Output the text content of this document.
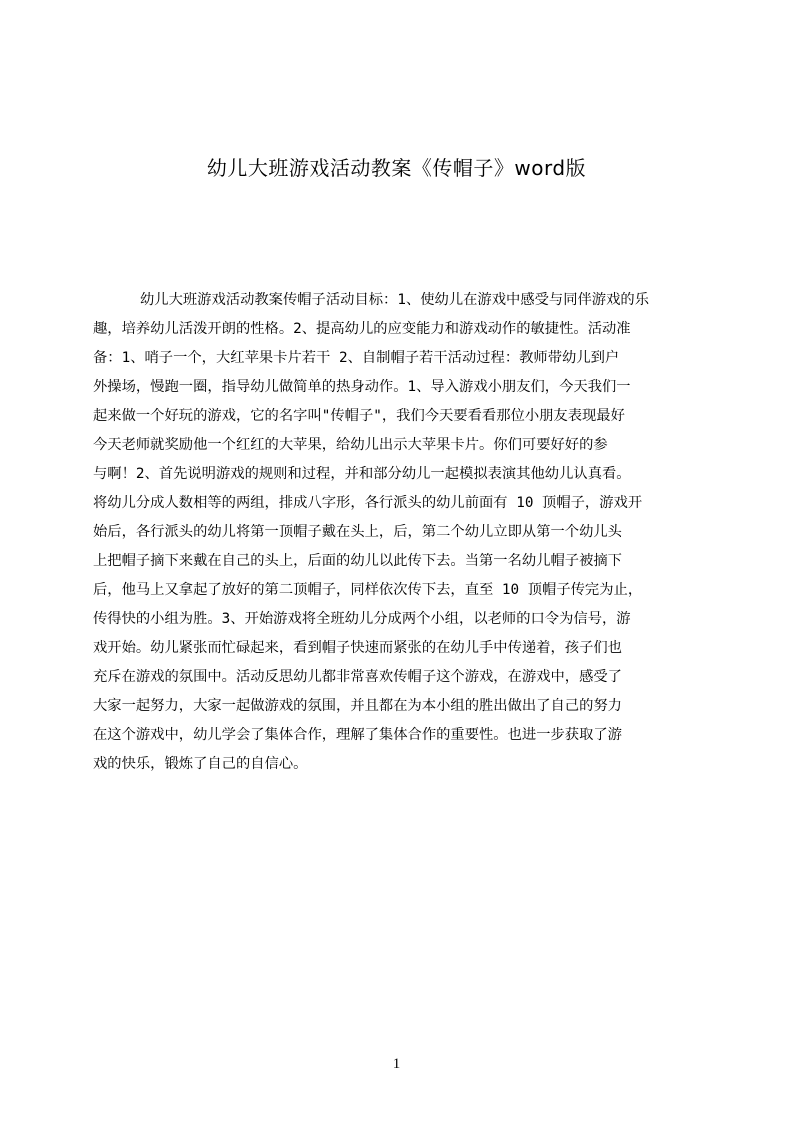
幼儿大班游戏活动教案《传帽子》word版
幼儿大班游戏活动教案传帽子活动目标：1、使幼儿在游戏中感受与同伴游戏的乐
趣，培养幼儿活泼开朗的性格。2、提高幼儿的应变能力和游戏动作的敏捷性。活动准
备：1、哨子一个，大红苹果卡片若干 2、自制帽子若干活动过程：教师带幼儿到户
外操场，慢跑一圈，指导幼儿做简单的热身动作。1、导入游戏小朋友们，今天我们一
起来做一个好玩的游戏，它的名字叫"传帽子"，我们今天要看看那位小朋友表现最好
今天老师就奖励他一个红红的大苹果，给幼儿出示大苹果卡片。你们可要好好的参
与啊！2、首先说明游戏的规则和过程，并和部分幼儿一起模拟表演其他幼儿认真看。
将幼儿分成人数相等的两组，排成八字形，各行派头的幼儿前面有 10 顶帽子，游戏开
始后，各行派头的幼儿将第一顶帽子戴在头上，后，第二个幼儿立即从第一个幼儿头
上把帽子摘下来戴在自己的头上，后面的幼儿以此传下去。当第一名幼儿帽子被摘下
后，他马上又拿起了放好的第二顶帽子，同样依次传下去，直至 10 顶帽子传完为止，
传得快的小组为胜。3、开始游戏将全班幼儿分成两个小组，以老师的口令为信号，游
戏开始。幼儿紧张而忙碌起来，看到帽子快速而紧张的在幼儿手中传递着，孩子们也
充斥在游戏的氛围中。活动反思幼儿都非常喜欢传帽子这个游戏，在游戏中，感受了
大家一起努力，大家一起做游戏的氛围，并且都在为本小组的胜出做出了自己的努力
在这个游戏中，幼儿学会了集体合作，理解了集体合作的重要性。也进一步获取了游
戏的快乐，锻炼了自己的自信心。
1
